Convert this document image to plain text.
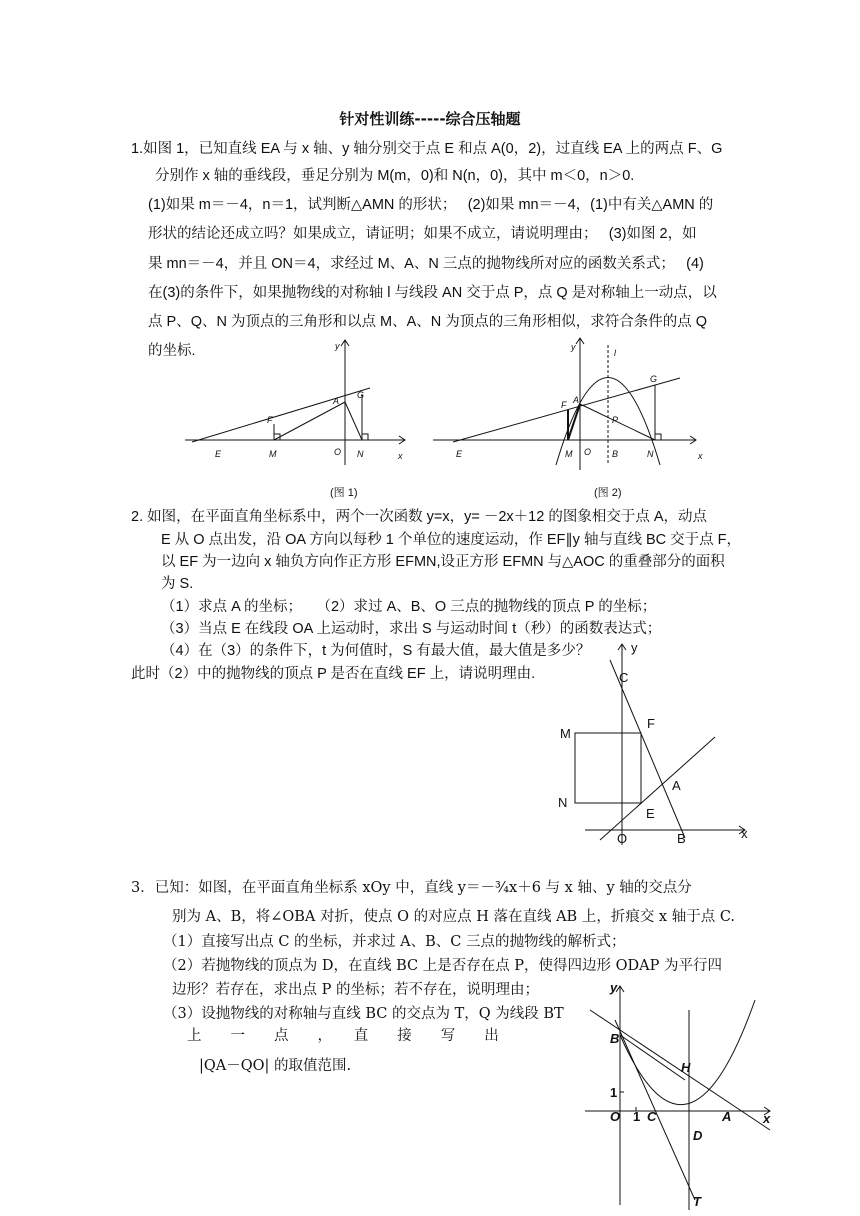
针对性训练-----综合压轴题
1.如图 1，已知直线 EA 与 x 轴、y 轴分别交于点 E 和点 A(0，2)，过直线 EA 上的两点 F、G
分别作 x 轴的垂线段，垂足分别为 M(m，0)和 N(n，0)，其中 m＜0，n＞0.
(1)如果 m＝－4，n＝1，试判断△AMN 的形状；　 (2)如果 mn＝－4，(1)中有关△AMN 的
形状的结论还成立吗？如果成立，请证明；如果不成立，请说明理由；　 (3)如图 2，如
果 mn＝－4，并且 ON＝4，求经过 M、A、N 三点的抛物线所对应的函数关系式；　 (4)
在(3)的条件下，如果抛物线的对称轴 l 与线段 AN 交于点 P，点 Q 是对称轴上一动点，以
点 P、Q、N 为顶点的三角形和以点 M、A、N 为顶点的三角形相似，求符合条件的点 Q
的坐标.	y
x
A
G
F
E	M	O N
(图 1)
y
l
G
A
F
P
E	M O B	N	x
(图 2)
2. 如图，在平面直角坐标系中，两个一次函数 y=x，y= －2x＋12 的图象相交于点 A，动点
E 从 O 点出发，沿 OA 方向以每秒 1 个单位的速度运动，作 EF∥y 轴与直线 BC 交于点 F，
以 EF 为一边向 x 轴负方向作正方形 EFMN,设正方形 EFMN 与△AOC 的重叠部分的面积
为 S.
（1）求点 A 的坐标；　　（2）求过 A、B、O 三点的抛物线的顶点 P 的坐标；
（3）当点 E 在线段 OA 上运动时，求出 S 与运动时间 t（秒）的函数表达式；
（4）在（3）的条件下，t 为何值时，S 有最大值，最大值是多少？
此时（2）中的抛物线的顶点 P 是否在直线 EF 上，请说明理由.
y
C
F
M
A
N
E
O	B	x
3．已知：如图，在平面直角坐标系 xOy 中，直线 y＝－¾x＋6 与 x 轴、y 轴的交点分
别为 A、B，将∠OBA 对折，使点 O 的对应点 H 落在直线 AB 上，折痕交 x 轴于点 C.
（1）直接写出点 C 的坐标，并求过 A、B、C 三点的抛物线的解析式；
（2）若抛物线的顶点为 D，在直线 BC 上是否存在点 P，使得四边形 ODAP 为平行四
边形？若存在，求出点 P 的坐标；若不存在，说明理由；
（3）设抛物线的对称轴与直线 BC 的交点为 T，Q 为线段 BT
上　　一　　点　　，　　直　　接　　写　　出
|QA－QO| 的取值范围.
y
B
H
1
O 1 C	A x
D
T
